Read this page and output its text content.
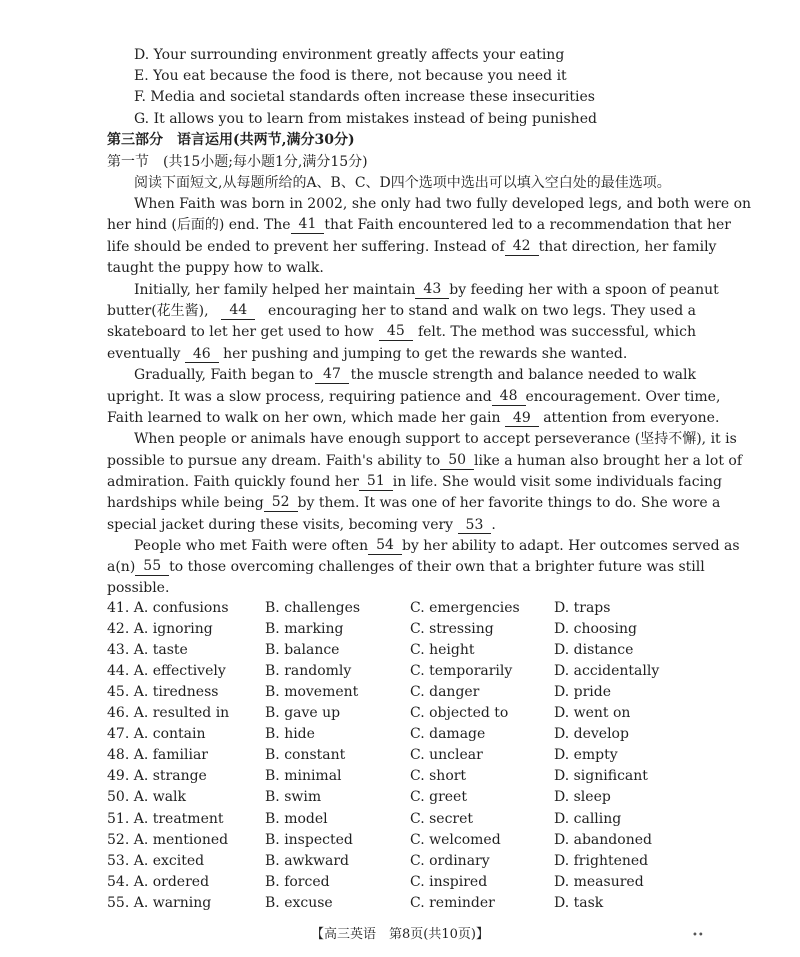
D. Your surrounding environment greatly affects your eating
E. You eat because the food is there, not because you need it
F. Media and societal standards often increase these insecurities
G. It allows you to learn from mistakes instead of being punished
第三部分　语言运用(共两节,满分30分)
第一节　(共15小题;每小题1分,满分15分)
阅读下面短文,从每题所给的A、B、C、D四个选项中选出可以填入空白处的最佳选项。
When Faith was born in 2002, she only had two fully developed legs, and both were on
her hind (后面的) end. The 41 that Faith encountered led to a recommendation that her
life should be ended to prevent her suffering. Instead of 42 that direction, her family
taught the puppy how to walk.
Initially, her family helped her maintain 43 by feeding her with a spoon of peanut
butter(花生酱),	44	encouraging her to stand and walk on two legs. They used a
skateboard to let her get used to how 45 felt. The method was successful, which
eventually 46 her pushing and jumping to get the rewards she wanted.
Gradually, Faith began to 47 the muscle strength and balance needed to walk
upright. It was a slow process, requiring patience and 48 encouragement. Over time,
Faith learned to walk on her own, which made her gain 49 attention from everyone.
When people or animals have enough support to accept perseverance (坚持不懈), it is
possible to pursue any dream. Faith's ability to 50 like a human also brought her a lot of
admiration. Faith quickly found her 51 in life. She would visit some individuals facing
hardships while being 52 by them. It was one of her favorite things to do. She wore a
special jacket during these visits, becoming very 53 .
People who met Faith were often 54 by her ability to adapt. Her outcomes served as
a(n) 55 to those overcoming challenges of their own that a brighter future was still
possible.
41. A. confusions	B. challenges	C. emergencies D. traps
42. A. ignoring	B. marking	C. stressing	D. choosing
43. A. taste	B. balance	C. height	D. distance
44. A. effectively	B. randomly	C. temporarily	D. accidentally
45. A. tiredness	B. movement	C. danger	D. pride
46. A. resulted in	B. gave up	C. objected to	D. went on
47. A. contain	B. hide	C. damage	D. develop
48. A. familiar	B. constant	C. unclear	D. empty
49. A. strange	B. minimal	C. short	D. significant
50. A. walk	B. swim	C. greet	D. sleep
51. A. treatment	B. model	C. secret	D. calling
52. A. mentioned	B. inspected	C. welcomed	D. abandoned
53. A. excited	B. awkward	C. ordinary	D. frightened
54. A. ordered	B. forced	C. inspired	D. measured
55. A. warning	B. excuse	C. reminder	D. task
【高三英语　第8页(共10页)】	••
